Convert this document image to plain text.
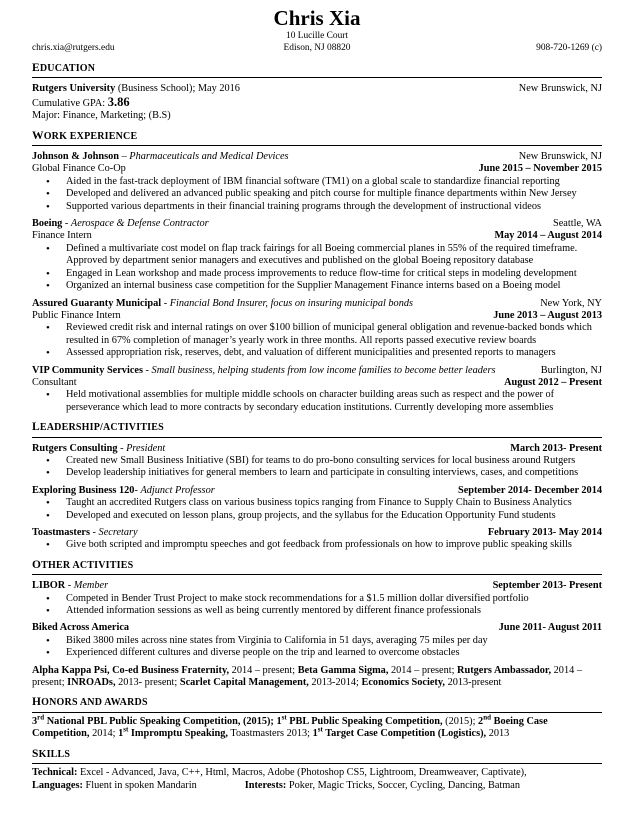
Chris Xia
10 Lucille Court
chris.xia@rutgers.edu	Edison, NJ 08820	908-720-1269 (c)
EDUCATION
Rutgers University (Business School); May 2016	New Brunswick, NJ
Cumulative GPA: 3.86
Major: Finance, Marketing; (B.S)
WORK EXPERIENCE
Johnson & Johnson – Pharmaceuticals and Medical Devices	New Brunswick, NJ
Global Finance Co-Op	June 2015 – November 2015
• Aided in the fast-track deployment of IBM financial software (TM1) on a global scale to standardize financial reporting
• Developed and delivered an advanced public speaking and pitch course for multiple finance departments within New Jersey
• Supported various departments in their financial training programs through the development of instructional videos
Boeing - Aerospace & Defense Contractor	Seattle, WA
Finance Intern	May 2014 – August 2014
• Defined a multivariate cost model on flap track fairings for all Boeing commercial planes in 55% of the required timeframe. Approved by department senior managers and executives and published on the global Boeing repository database
• Engaged in Lean workshop and made process improvements to reduce flow-time for critical steps in modeling development
• Organized an internal business case competition for the Supplier Management Finance interns based on a Boeing model
Assured Guaranty Municipal - Financial Bond Insurer, focus on insuring municipal bonds	New York, NY
Public Finance Intern	June 2013 – August 2013
• Reviewed credit risk and internal ratings on over $100 billion of municipal general obligation and revenue-backed bonds which resulted in 67% completion of manager’s yearly work in three months. All reports passed executive review boards
• Assessed appropriation risk, reserves, debt, and valuation of different municipalities and presented reports to managers
VIP Community Services - Small business, helping students from low income families to become better leaders	Burlington, NJ
Consultant	August 2012 – Present
• Held motivational assemblies for multiple middle schools on character building areas such as respect and the power of perseverance which lead to more contracts by secondary education institutions. Currently developing more assemblies
LEADERSHIP/ACTIVITIES
Rutgers Consulting - President	March 2013- Present
• Created new Small Business Initiative (SBI) for teams to do pro-bono consulting services for local business around Rutgers
• Develop leadership initiatives for general members to learn and participate in consulting interviews, cases, and competitions
Exploring Business 120- Adjunct Professor	September 2014- December 2014
• Taught an accredited Rutgers class on various business topics ranging from Finance to Supply Chain to Business Analytics
• Developed and executed on lesson plans, group projects, and the syllabus for the Education Opportunity Fund students
Toastmasters - Secretary	February 2013- May 2014
• Give both scripted and impromptu speeches and got feedback from professionals on how to improve public speaking skills
OTHER ACTIVITIES
LIBOR - Member	September 2013- Present
• Competed in Bender Trust Project to make stock recommendations for a $1.5 million dollar diversified portfolio
• Attended information sessions as well as being currently mentored by different finance professionals
Biked Across America	June 2011- August 2011
• Biked 3800 miles across nine states from Virginia to California in 51 days, averaging 75 miles per day
• Experienced different cultures and diverse people on the trip and learned to overcome obstacles
Alpha Kappa Psi, Co-ed Business Fraternity, 2014 – present; Beta Gamma Sigma, 2014 – present; Rutgers Ambassador, 2014 – present; INROADs, 2013- present; Scarlet Capital Management, 2013-2014; Economics Society, 2013-present
HONORS AND AWARDS
3rd National PBL Public Speaking Competition, (2015); 1st PBL Public Speaking Competition, (2015); 2nd Boeing Case Competition, 2014; 1st Impromptu Speaking, Toastmasters 2013; 1st Target Case Competition (Logistics), 2013
SKILLS
Technical: Excel - Advanced, Java, C++, Html, Macros, Adobe (Photoshop CS5, Lightroom, Dreamweaver, Captivate),
Languages: Fluent in spoken Mandarin	Interests: Poker, Magic Tricks, Soccer, Cycling, Dancing, Batman
